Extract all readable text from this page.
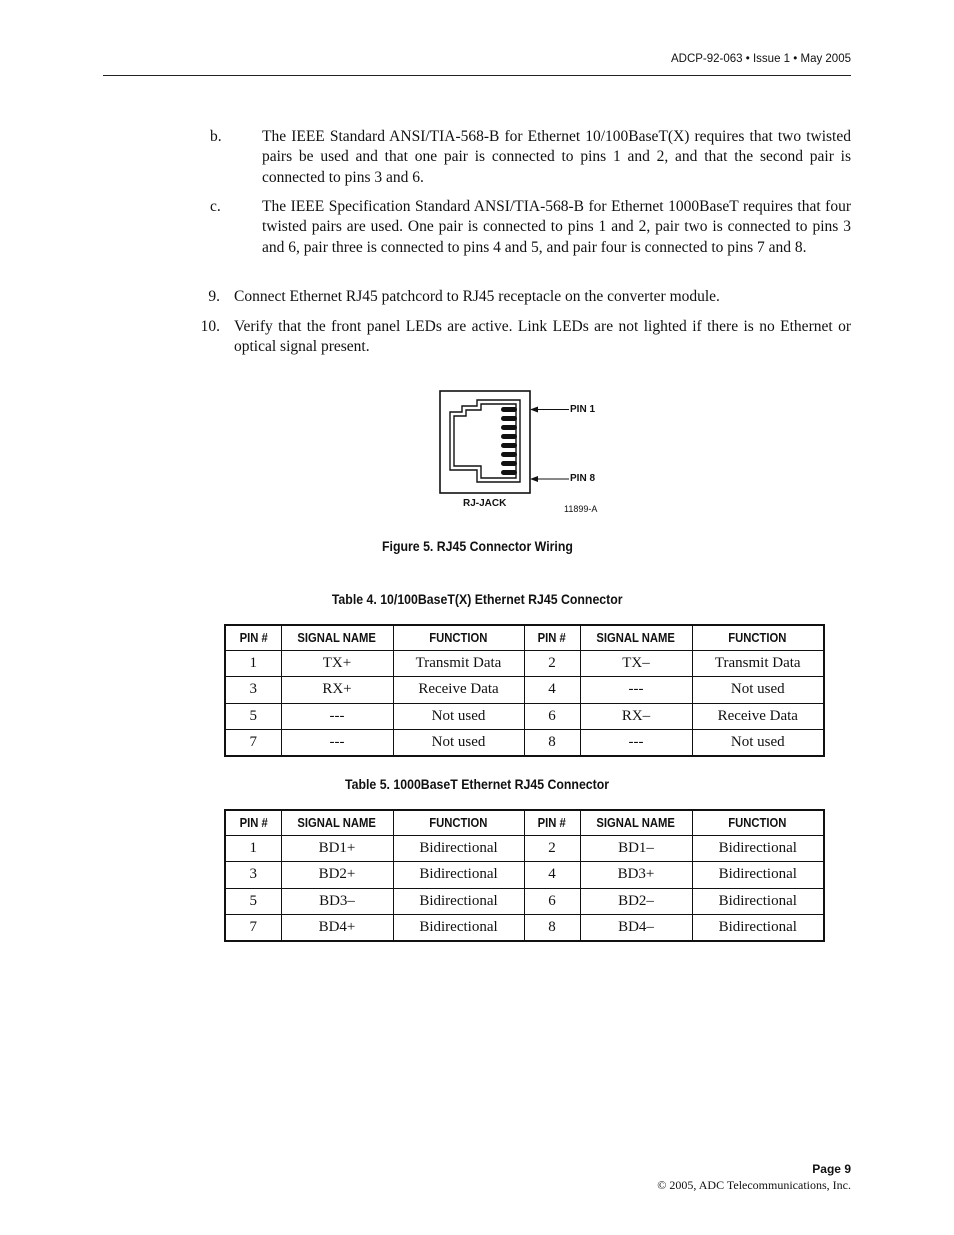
ADCP-92-063 • Issue 1 • May 2005
b.	The IEEE Standard ANSI/TIA-568-B for Ethernet 10/100BaseT(X) requires that two twisted pairs be used and that one pair is connected to pins 1 and 2, and that the second pair is connected to pins 3 and 6.
c.	The IEEE Specification Standard ANSI/TIA-568-B for Ethernet 1000BaseT requires that four twisted pairs are used. One pair is connected to pins 1 and 2, pair two is connected to pins 3 and 6, pair three is connected to pins 4 and 5, and pair four is connected to pins 7 and 8.
9. Connect Ethernet RJ45 patchcord to RJ45 receptacle on the converter module.
10. Verify that the front panel LEDs are active. Link LEDs are not lighted if there is no Ethernet or optical signal present.
PIN 1
PIN 8
RJ-JACK	11899-A
Figure 5. RJ45 Connector Wiring
Table 4. 10/100BaseT(X) Ethernet RJ45 Connector
PIN #	SIGNAL NAME	FUNCTION	PIN #	SIGNAL NAME	FUNCTION
1	TX+	Transmit Data	2	TX–	Transmit Data
3	RX+	Receive Data	4	---	Not used
5	---	Not used	6	RX–	Receive Data
7	---	Not used	8	---	Not used
Table 5. 1000BaseT Ethernet RJ45 Connector
PIN #	SIGNAL NAME	FUNCTION	PIN #	SIGNAL NAME	FUNCTION
1	BD1+	Bidirectional	2	BD1–	Bidirectional
3	BD2+	Bidirectional	4	BD3+	Bidirectional
5	BD3–	Bidirectional	6	BD2–	Bidirectional
7	BD4+	Bidirectional	8	BD4–	Bidirectional
Page 9
© 2005, ADC Telecommunications, Inc.
